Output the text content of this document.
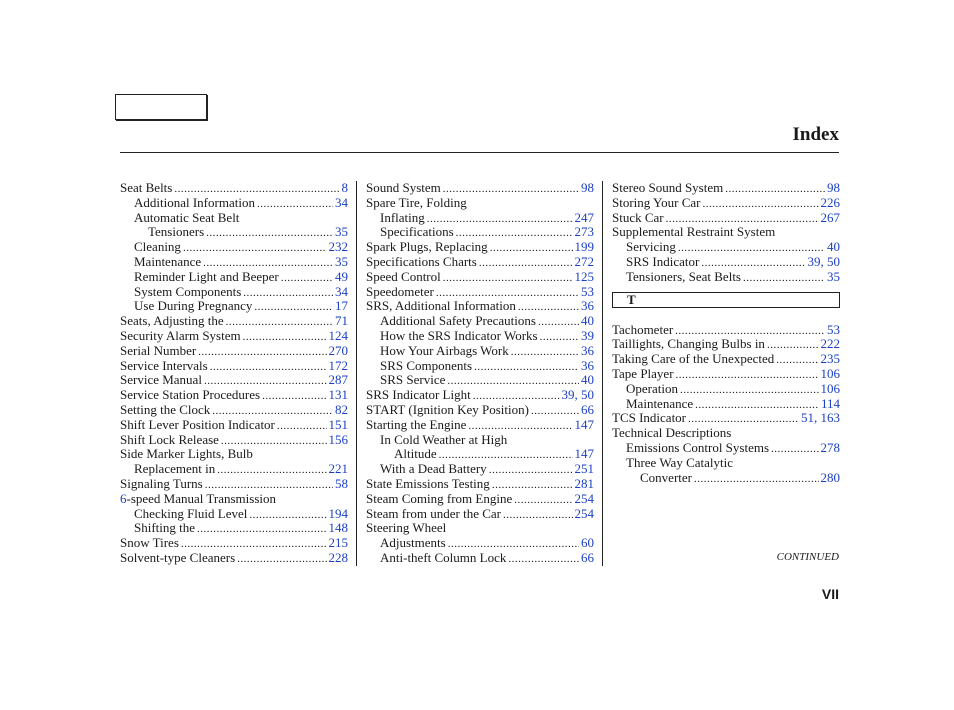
Index
Seat Belts .....	8
Additional Information .....	34
Automatic Seat Belt
Tensioners .....	35
Cleaning .....	232
Maintenance .....	35
Reminder Light and Beeper .....	49
System Components .....	34
Use During Pregnancy .....	17
Seats, Adjusting the .....	71
Security Alarm System .....	124
Serial Number .....	270
Service Intervals .....	172
Service Manual .....	287
Service Station Procedures .....	131
Setting the Clock .....	82
Shift Lever Position Indicator .....	151
Shift Lock Release .....	156
Side Marker Lights, Bulb
Replacement in .....	221
Signaling Turns .....	58
6-speed Manual Transmission
Checking Fluid Level .....	194
Shifting the .....	148
Snow Tires .....	215
Solvent-type Cleaners .....	228
Sound System .....	98
Spare Tire, Folding
Inflating .....	247
Specifications .....	273
Spark Plugs, Replacing .....	199
Specifications Charts .....	272
Speed Control .....	125
Speedometer .....	53
SRS, Additional Information .....	36
Additional Safety Precautions .....	40
How the SRS Indicator Works .....	39
How Your Airbags Work .....	36
SRS Components .....	36
SRS Service .....	40
SRS Indicator Light .....	39, 50
START (Ignition Key Position) .....	66
Starting the Engine .....	147
In Cold Weather at High
Altitude .....	147
With a Dead Battery .....	251
State Emissions Testing .....	281
Steam Coming from Engine .....	254
Steam from under the Car .....	254
Steering Wheel
Adjustments .....	60
Anti-theft Column Lock .....	66
Stereo Sound System .....	98
Storing Your Car .....	226
Stuck Car .....	267
Supplemental Restraint System
Servicing .....	40
SRS Indicator .....	39, 50
Tensioners, Seat Belts .....	35
T
Tachometer .....	53
Taillights, Changing Bulbs in .....	222
Taking Care of the Unexpected .....	235
Tape Player .....	106
Operation .....	106
Maintenance .....	114
TCS Indicator .....	51, 163
Technical Descriptions
Emissions Control Systems .....	278
Three Way Catalytic
Converter .....	280
CONTINUED
VII
